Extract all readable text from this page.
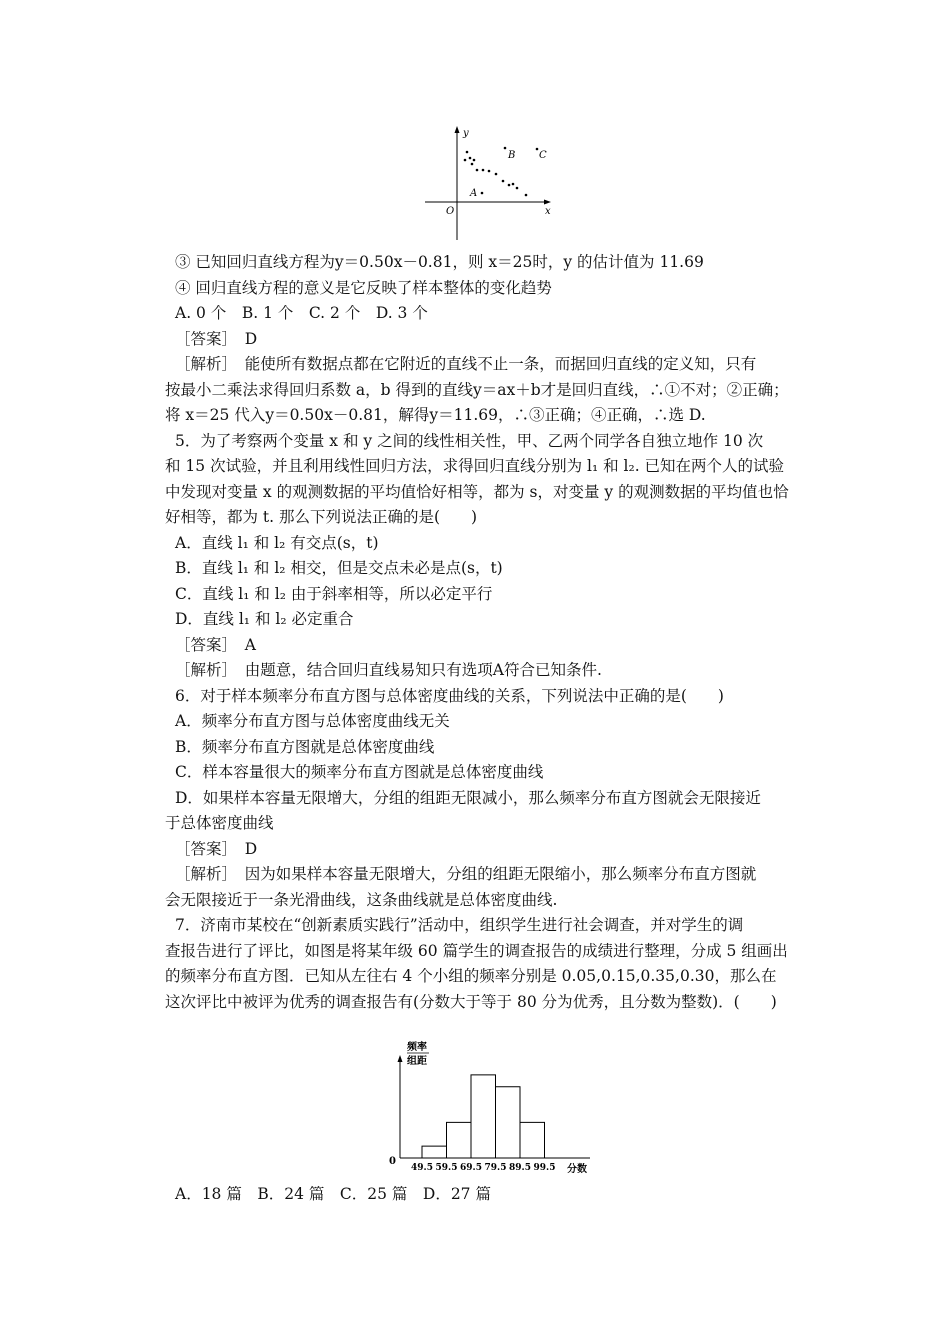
y
x
O
A
B C
③ 已知回归直线方程为y＝0.50x－0.81，则 x＝25时，y 的估计值为 11.69
④ 回归直线方程的意义是它反映了样本整体的变化趋势
A. 0 个　B. 1 个　C. 2 个　D. 3 个
［答案］　D
［解析］　能使所有数据点都在它附近的直线不止一条，而据回归直线的定义知，只有
按最小二乘法求得回归系数 a，b 得到的直线y＝ax＋b才是回归直线，∴①不对；②正确；
将 x＝25 代入y＝0.50x－0.81，解得y＝11.69，∴③正确；④正确，∴选 D.
5．为了考察两个变量 x 和 y 之间的线性相关性，甲、乙两个同学各自独立地作 10 次
和 15 次试验，并且利用线性回归方法，求得回归直线分别为 l₁ 和 l₂. 已知在两个人的试验
中发现对变量 x 的观测数据的平均值恰好相等，都为 s，对变量 y 的观测数据的平均值也恰
好相等，都为 t. 那么下列说法正确的是(　　)
A．直线 l₁ 和 l₂ 有交点(s，t)
B．直线 l₁ 和 l₂ 相交，但是交点未必是点(s，t)
C．直线 l₁ 和 l₂ 由于斜率相等，所以必定平行
D．直线 l₁ 和 l₂ 必定重合
［答案］　A
［解析］　由题意，结合回归直线易知只有选项A符合已知条件.
6．对于样本频率分布直方图与总体密度曲线的关系，下列说法中正确的是(　　)
A．频率分布直方图与总体密度曲线无关
B．频率分布直方图就是总体密度曲线
C．样本容量很大的频率分布直方图就是总体密度曲线
D．如果样本容量无限增大，分组的组距无限减小，那么频率分布直方图就会无限接近
于总体密度曲线
［答案］　D
［解析］　因为如果样本容量无限增大，分组的组距无限缩小，那么频率分布直方图就
会无限接近于一条光滑曲线，这条曲线就是总体密度曲线.
7．济南市某校在“创新素质实践行”活动中，组织学生进行社会调查，并对学生的调
查报告进行了评比，如图是将某年级 60 篇学生的调查报告的成绩进行整理，分成 5 组画出
的频率分布直方图．已知从左往右 4 个小组的频率分别是 0.05,0.15,0.35,0.30，那么在
这次评比中被评为优秀的调查报告有(分数大于等于 80 分为优秀，且分数为整数)．(　　)
频率
组距
0
分数
49.5 59.5 69.5 79.5 89.5 99.5
A．18 篇　B．24 篇　C．25 篇　D．27 篇
